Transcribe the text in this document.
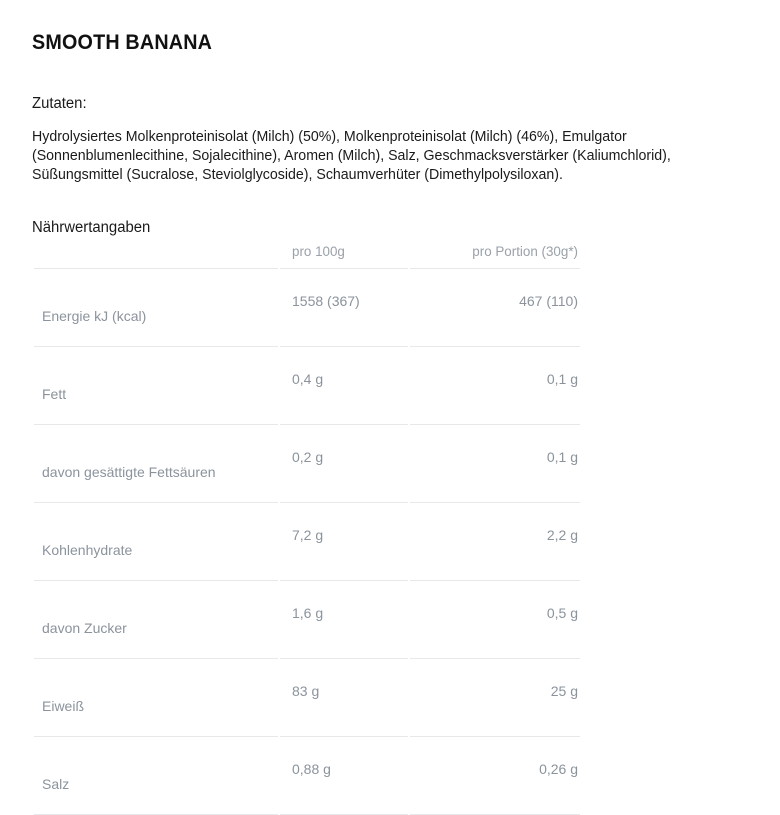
SMOOTH BANANA
Zutaten:

Hydrolysiertes Molkenproteinisolat (Milch) (50%), Molkenproteinisolat (Milch) (46%), Emulgator (Sonnenblumenlecithine, Sojalecithine), Aromen (Milch), Salz, Geschmacksverstärker (Kaliumchlorid), Süßungsmittel (Sucralose, Steviolglycoside), Schaumverhüter (Dimethylpolysiloxan).

Nährwertangaben
	pro 100g	pro Portion (30g*)
Energie kJ (kcal)	1558 (367)	467 (110)
Fett	0,4 g	0,1 g
davon gesättigte Fettsäuren	0,2 g	0,1 g
Kohlenhydrate	7,2 g	2,2 g
davon Zucker	1,6 g	0,5 g
Eiweiß	83 g	25 g
Salz	0,88 g	0,26 g
